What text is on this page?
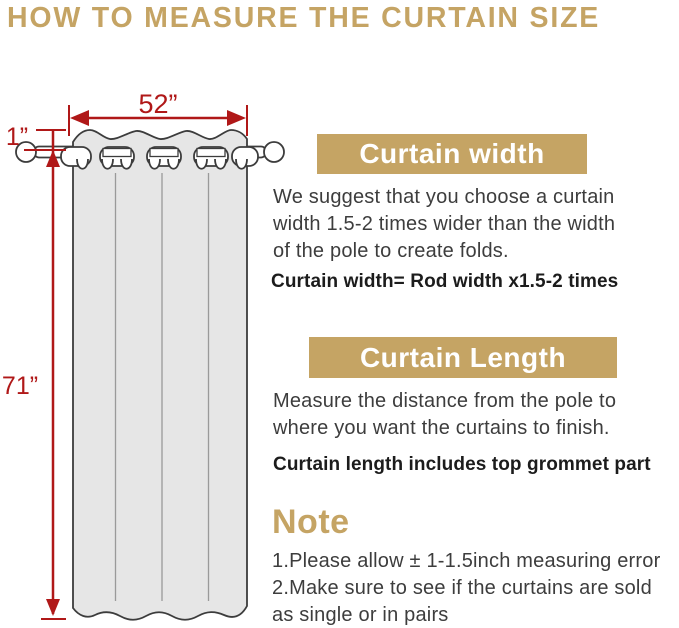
HOW TO MEASURE THE CURTAIN SIZE
52”
1”
71”
Curtain width
We suggest that you choose a curtain
width 1.5-2 times wider than the width
of the pole to create folds.
Curtain width= Rod width x1.5-2 times
Curtain Length
Measure the distance from the pole to
where you want the curtains to finish.
Curtain length includes top grommet part
Note
1.Please allow ± 1-1.5inch measuring error
2.Make sure to see if the curtains are sold
as single or in pairs
